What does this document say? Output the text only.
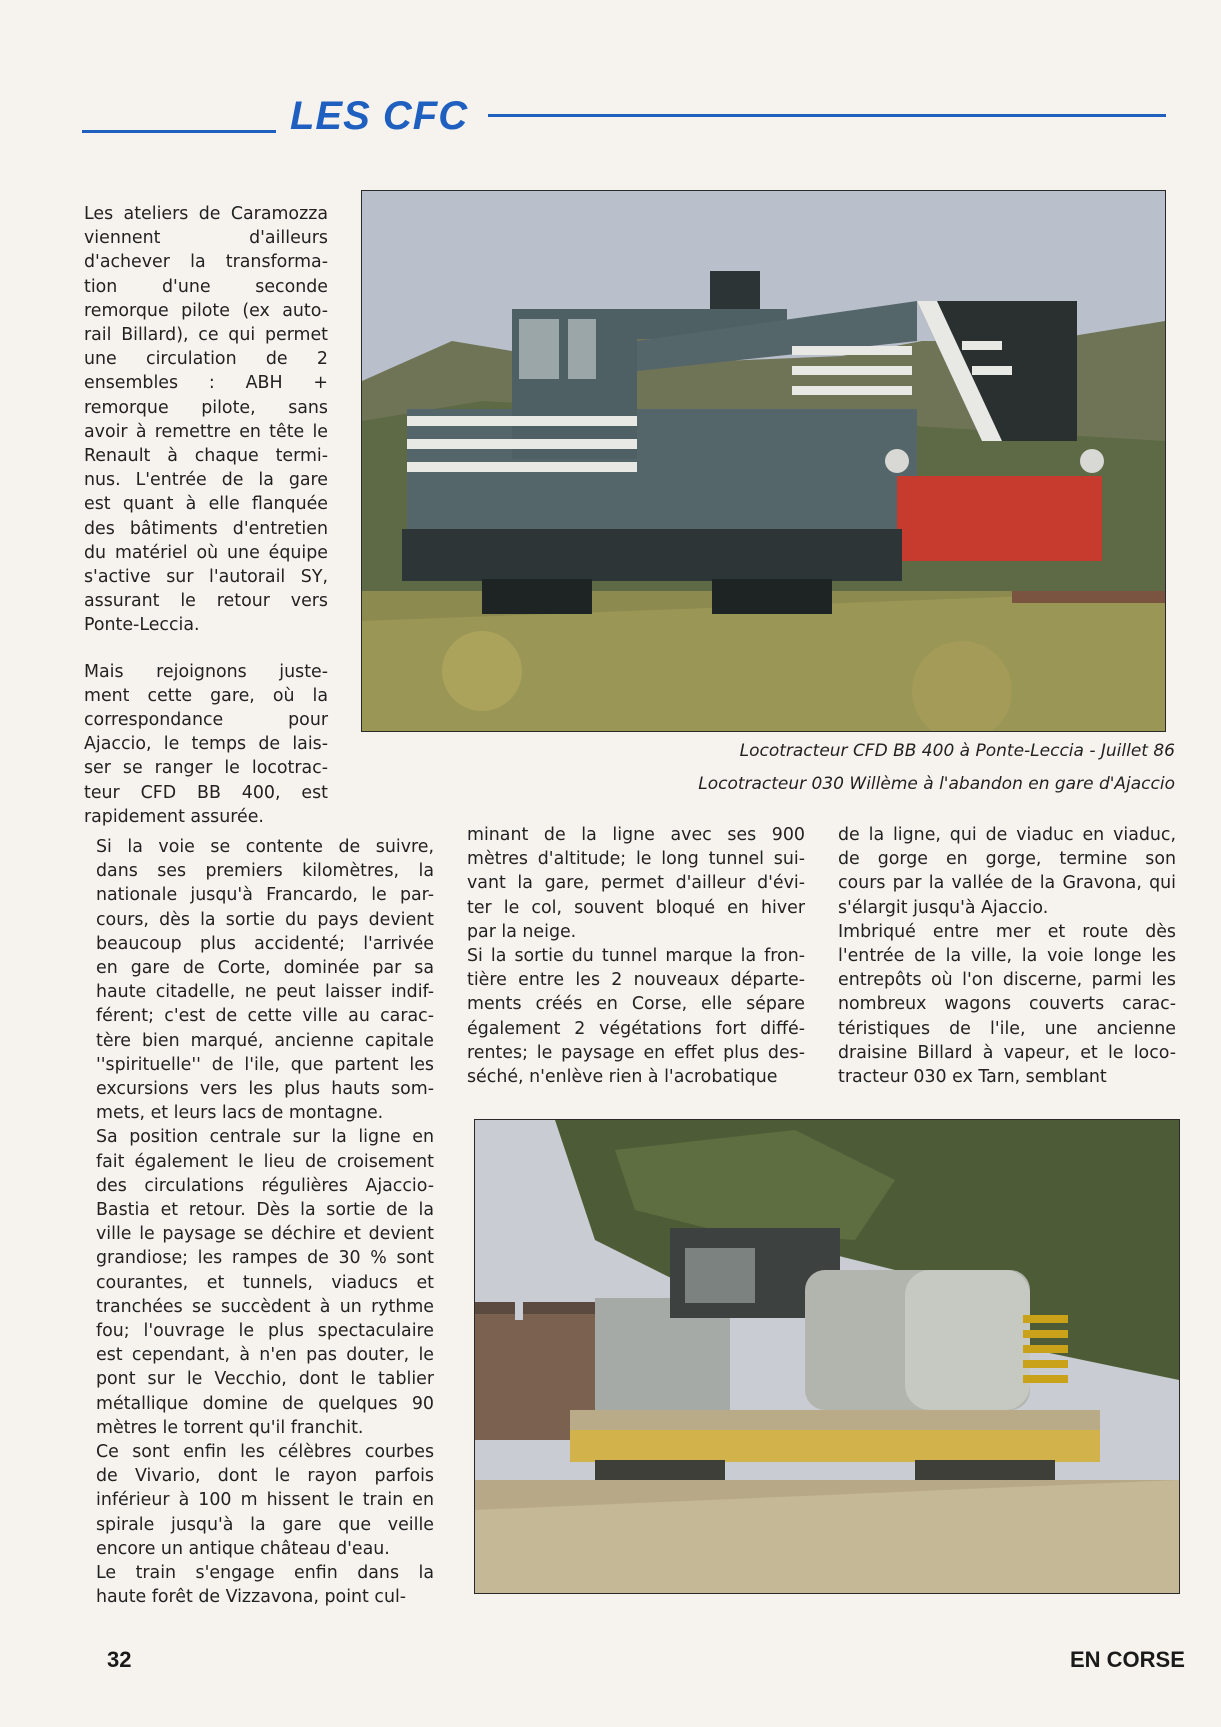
LES CFC

Les ateliers de Caramozza

viennent d'ailleurs

d'achever la transforma-

tion d'une seconde

remorque pilote (ex auto-

rail Billard), ce qui permet

une circulation de 2

ensembles : ABH +

remorque pilote, sans

avoir à remettre en tête le

Renault à chaque termi-

nus. L'entrée de la gare

est quant à elle flanquée

des bâtiments d'entretien

du matériel où une équipe

s'active sur l'autorail SY,

assurant le retour vers

Ponte-Leccia.

Mais rejoignons juste-

ment cette gare, où la

correspondance pour

Ajaccio, le temps de lais-

ser se ranger le locotrac-

teur CFD BB 400, est

rapidement assurée.

Locotracteur CFD BB 400 à Ponte-Leccia - Juillet 86
Locotracteur 030 Willème à l'abandon en gare d'Ajaccio

Si la voie se contente de suivre,

dans ses premiers kilomètres, la

nationale jusqu'à Francardo, le par-

cours, dès la sortie du pays devient

beaucoup plus accidenté; l'arrivée

en gare de Corte, dominée par sa

haute citadelle, ne peut laisser indif-

férent; c'est de cette ville au carac-

tère bien marqué, ancienne capitale

''spirituelle'' de l'ile, que partent les

excursions vers les plus hauts som-

mets, et leurs lacs de montagne.

Sa position centrale sur la ligne en

fait également le lieu de croisement

des circulations régulières Ajaccio-

Bastia et retour. Dès la sortie de la

ville le paysage se déchire et devient

grandiose; les rampes de 30 % sont

courantes, et tunnels, viaducs et

tranchées se succèdent à un rythme

fou; l'ouvrage le plus spectaculaire

est cependant, à n'en pas douter, le

pont sur le Vecchio, dont le tablier

métallique domine de quelques 90

mètres le torrent qu'il franchit.

Ce sont enfin les célèbres courbes

de Vivario, dont le rayon parfois

inférieur à 100 m hissent le train en

spirale jusqu'à la gare que veille

encore un antique château d'eau.

Le train s'engage enfin dans la

haute forêt de Vizzavona, point cul-

minant de la ligne avec ses 900

mètres d'altitude; le long tunnel sui-

vant la gare, permet d'ailleur d'évi-

ter le col, souvent bloqué en hiver

par la neige.

Si la sortie du tunnel marque la fron-

tière entre les 2 nouveaux départe-

ments créés en Corse, elle sépare

également 2 végétations fort diffé-

rentes; le paysage en effet plus des-

séché, n'enlève rien à l'acrobatique

de la ligne, qui de viaduc en viaduc,

de gorge en gorge, termine son

cours par la vallée de la Gravona, qui

s'élargit jusqu'à Ajaccio.

Imbriqué entre mer et route dès

l'entrée de la ville, la voie longe les

entrepôts où l'on discerne, parmi les

nombreux wagons couverts carac-

téristiques de l'ile, une ancienne

draisine Billard à vapeur, et le loco-

tracteur 030 ex Tarn, semblant

32	EN CORSE
